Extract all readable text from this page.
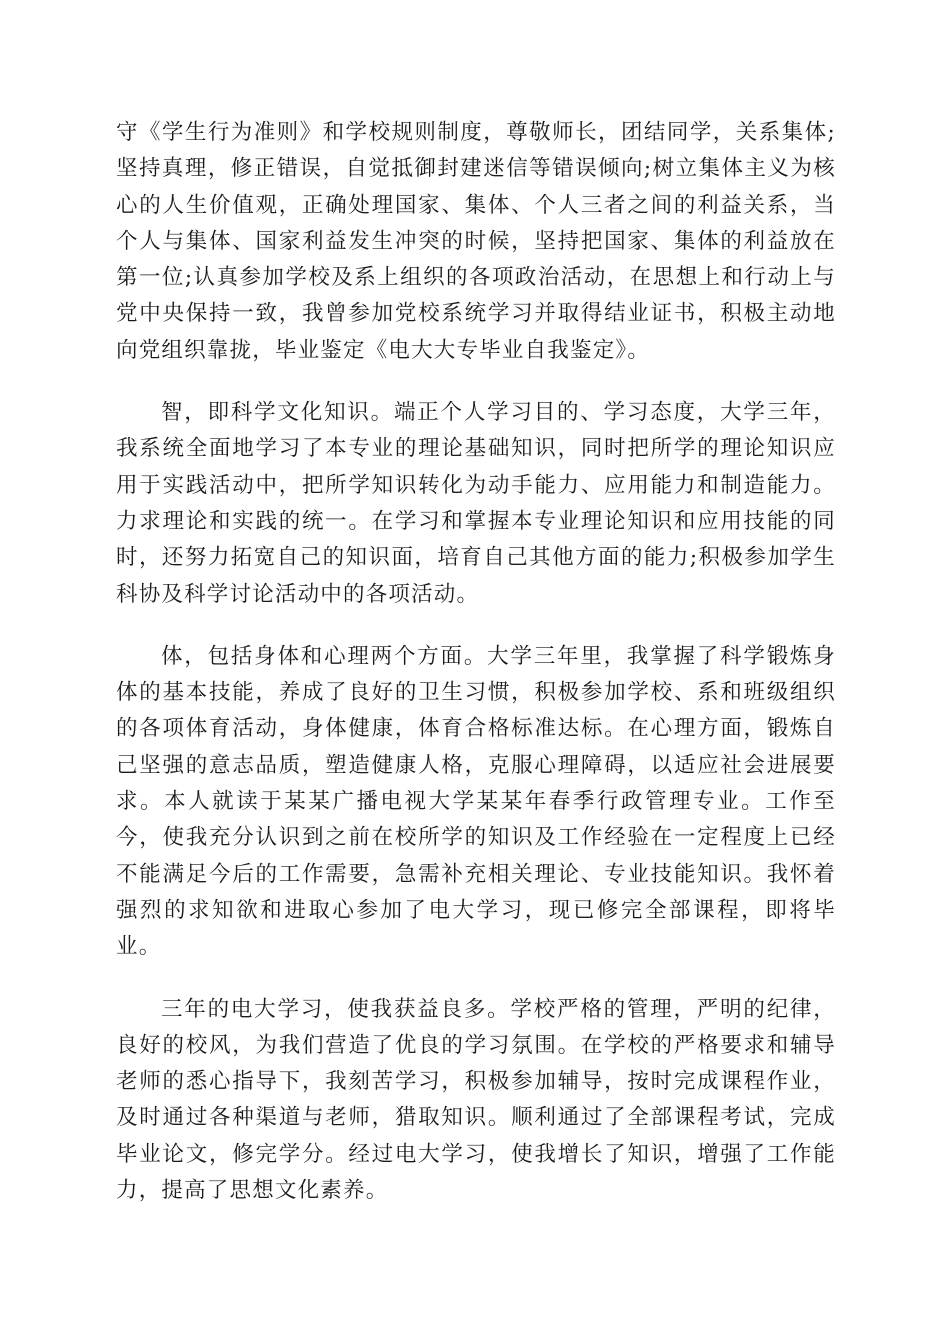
守《学生行为准则》和学校规则制度，尊敬师长，团结同学，关系集体;坚持真理，修正错误，自觉抵御封建迷信等错误倾向;树立集体主义为核心的人生价值观，正确处理国家、集体、个人三者之间的利益关系，当个人与集体、国家利益发生冲突的时候，坚持把国家、集体的利益放在第一位;认真参加学校及系上组织的各项政治活动，在思想上和行动上与党中央保持一致，我曾参加党校系统学习并取得结业证书，积极主动地向党组织靠拢，毕业鉴定《电大大专毕业自我鉴定》。

智，即科学文化知识。端正个人学习目的、学习态度，大学三年，我系统全面地学习了本专业的理论基础知识，同时把所学的理论知识应用于实践活动中，把所学知识转化为动手能力、应用能力和制造能力。力求理论和实践的统一。在学习和掌握本专业理论知识和应用技能的同时，还努力拓宽自己的知识面，培育自己其他方面的能力;积极参加学生科协及科学讨论活动中的各项活动。

体，包括身体和心理两个方面。大学三年里，我掌握了科学锻炼身体的基本技能，养成了良好的卫生习惯，积极参加学校、系和班级组织的各项体育活动，身体健康，体育合格标准达标。在心理方面，锻炼自己坚强的意志品质，塑造健康人格，克服心理障碍，以适应社会进展要求。本人就读于某某广播电视大学某某年春季行政管理专业。工作至今，使我充分认识到之前在校所学的知识及工作经验在一定程度上已经不能满足今后的工作需要，急需补充相关理论、专业技能知识。我怀着强烈的求知欲和进取心参加了电大学习，现已修完全部课程，即将毕业。

三年的电大学习，使我获益良多。学校严格的管理，严明的纪律，良好的校风，为我们营造了优良的学习氛围。在学校的严格要求和辅导老师的悉心指导下，我刻苦学习，积极参加辅导，按时完成课程作业，及时通过各种渠道与老师，猎取知识。顺利通过了全部课程考试，完成毕业论文，修完学分。经过电大学习，使我增长了知识，增强了工作能力，提高了思想文化素养。
